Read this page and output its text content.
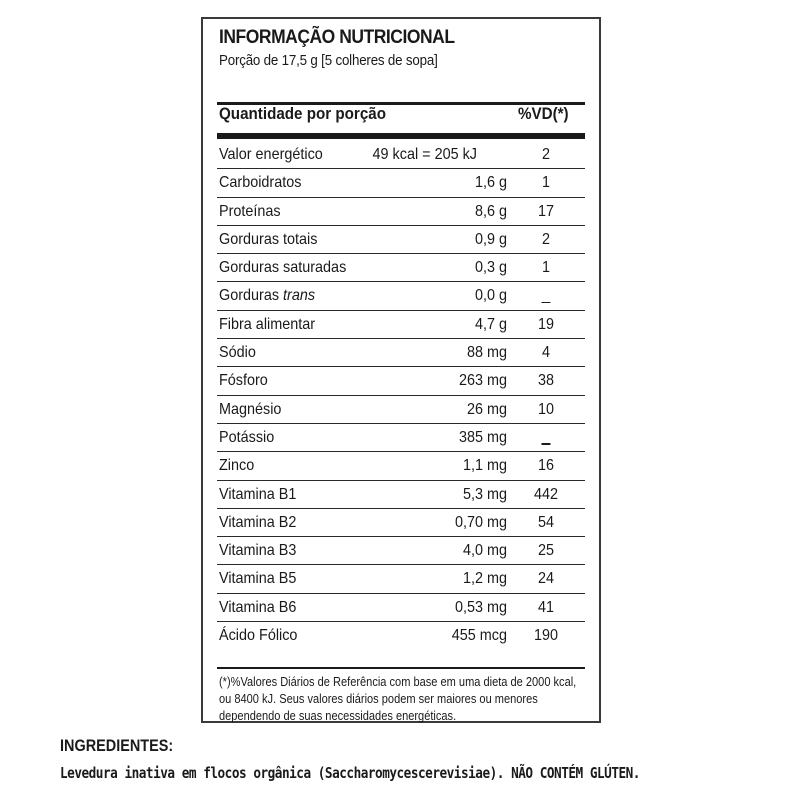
INFORMAÇÃO NUTRICIONAL
Porção de 17,5 g [5 colheres de sopa]
Quantidade por porção	%VD(*)
Valor energético	49 kcal = 205 kJ	2
Carboidratos	1,6 g	1
Proteínas	8,6 g	17
Gorduras totais	0,9 g	2
Gorduras saturadas	0,3 g	1
Gorduras trans	0,0 g
Fibra alimentar	4,7 g	19
Sódio	88 mg	4
Fósforo	263 mg	38
Magnésio	26 mg	10
Potássio	385 mg
Zinco	1,1 mg	16
Vitamina B1	5,3 mg	442
Vitamina B2	0,70 mg	54
Vitamina B3	4,0 mg	25
Vitamina B5	1,2 mg	24
Vitamina B6	0,53 mg	41
Ácido Fólico	455 mcg	190
(*)%Valores Diários de Referência com base em uma dieta de 2000 kcal, ou 8400 kJ. Seus valores diários podem ser maiores ou menores dependendo de suas necessidades energéticas.
INGREDIENTES:
Levedura inativa em flocos orgânica (Saccharomycescerevisiae). NÃO CONTÉM GLÚTEN.
